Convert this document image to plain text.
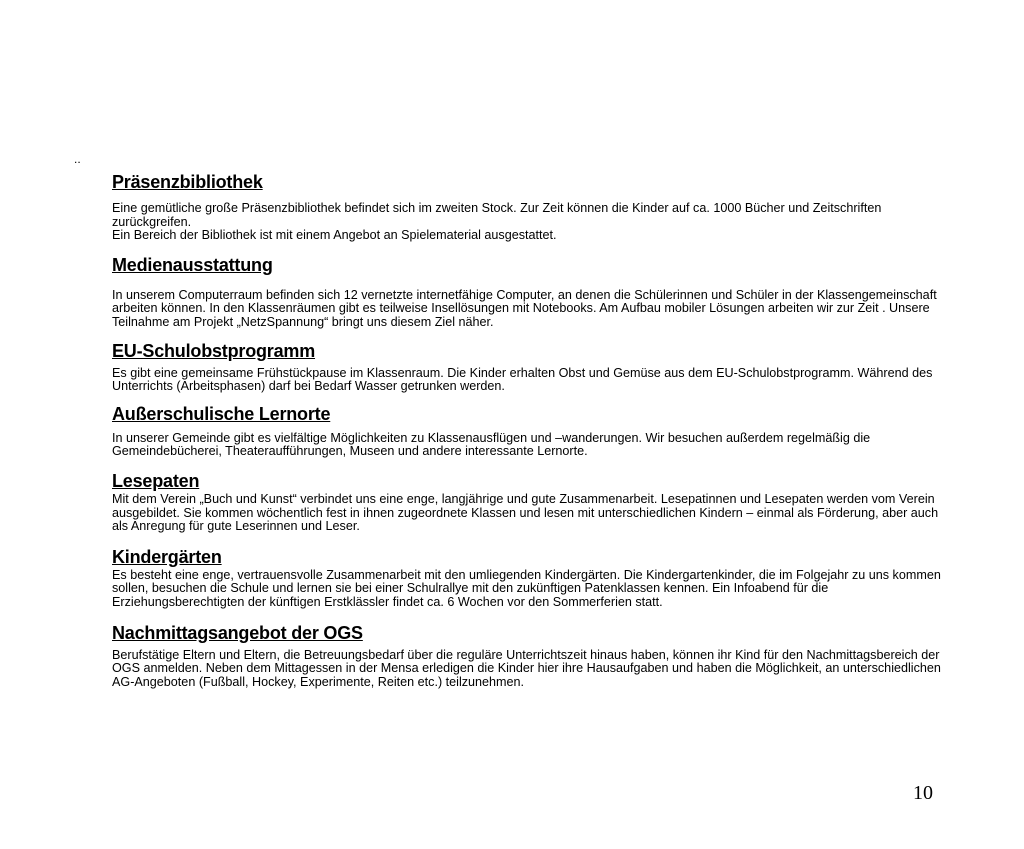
..
Präsenzbibliothek

Eine gemütliche große Präsenzbibliothek befindet sich im zweiten Stock. Zur Zeit können die Kinder auf ca. 1000 Bücher und Zeitschriften zurückgreifen.

Ein Bereich der Bibliothek ist mit einem Angebot an Spielematerial ausgestattet.

Medienausstattung

In unserem Computerraum befinden sich 12 vernetzte internetfähige Computer, an denen die Schülerinnen und Schüler in der Klassengemeinschaft arbeiten können. In den Klassenräumen gibt es teilweise Insellösungen mit Notebooks. Am Aufbau mobiler Lösungen arbeiten wir zur Zeit . Unsere Teilnahme am Projekt „NetzSpannung“ bringt uns diesem Ziel näher.

EU-Schulobstprogramm

Es gibt eine gemeinsame Frühstückpause im Klassenraum. Die Kinder erhalten Obst und Gemüse aus dem EU-Schulobstprogramm. Während des Unterrichts (Arbeitsphasen) darf bei Bedarf Wasser getrunken werden.

Außerschulische Lernorte

In unserer Gemeinde gibt es vielfältige Möglichkeiten zu Klassenausflügen und –wanderungen. Wir besuchen außerdem regelmäßig die Gemeindebücherei, Theateraufführungen, Museen und andere interessante Lernorte.

Lesepaten

Mit dem Verein „Buch und Kunst“ verbindet uns eine enge, langjährige und gute Zusammenarbeit. Lesepatinnen und Lesepaten werden vom Verein ausgebildet. Sie kommen wöchentlich fest in ihnen zugeordnete Klassen und lesen mit unterschiedlichen Kindern – einmal als Förderung, aber auch als Anregung für gute Leserinnen und Leser.

Kindergärten

Es besteht eine enge, vertrauensvolle Zusammenarbeit mit den umliegenden Kindergärten. Die Kindergartenkinder, die im Folgejahr zu uns kommen sollen, besuchen die Schule und lernen sie bei einer Schulrallye mit den zukünftigen Patenklassen kennen. Ein Infoabend für die Erziehungsberechtigten der künftigen Erstklässler findet ca. 6 Wochen vor den Sommerferien statt.

Nachmittagsangebot der OGS

Berufstätige Eltern und Eltern, die Betreuungsbedarf über die reguläre Unterrichtszeit hinaus haben, können ihr Kind für den Nachmittagsbereich der OGS anmelden. Neben dem Mittagessen in der Mensa erledigen die Kinder hier ihre Hausaufgaben und haben die Möglichkeit, an unterschiedlichen AG-Angeboten (Fußball, Hockey, Experimente, Reiten etc.) teilzunehmen.

10
